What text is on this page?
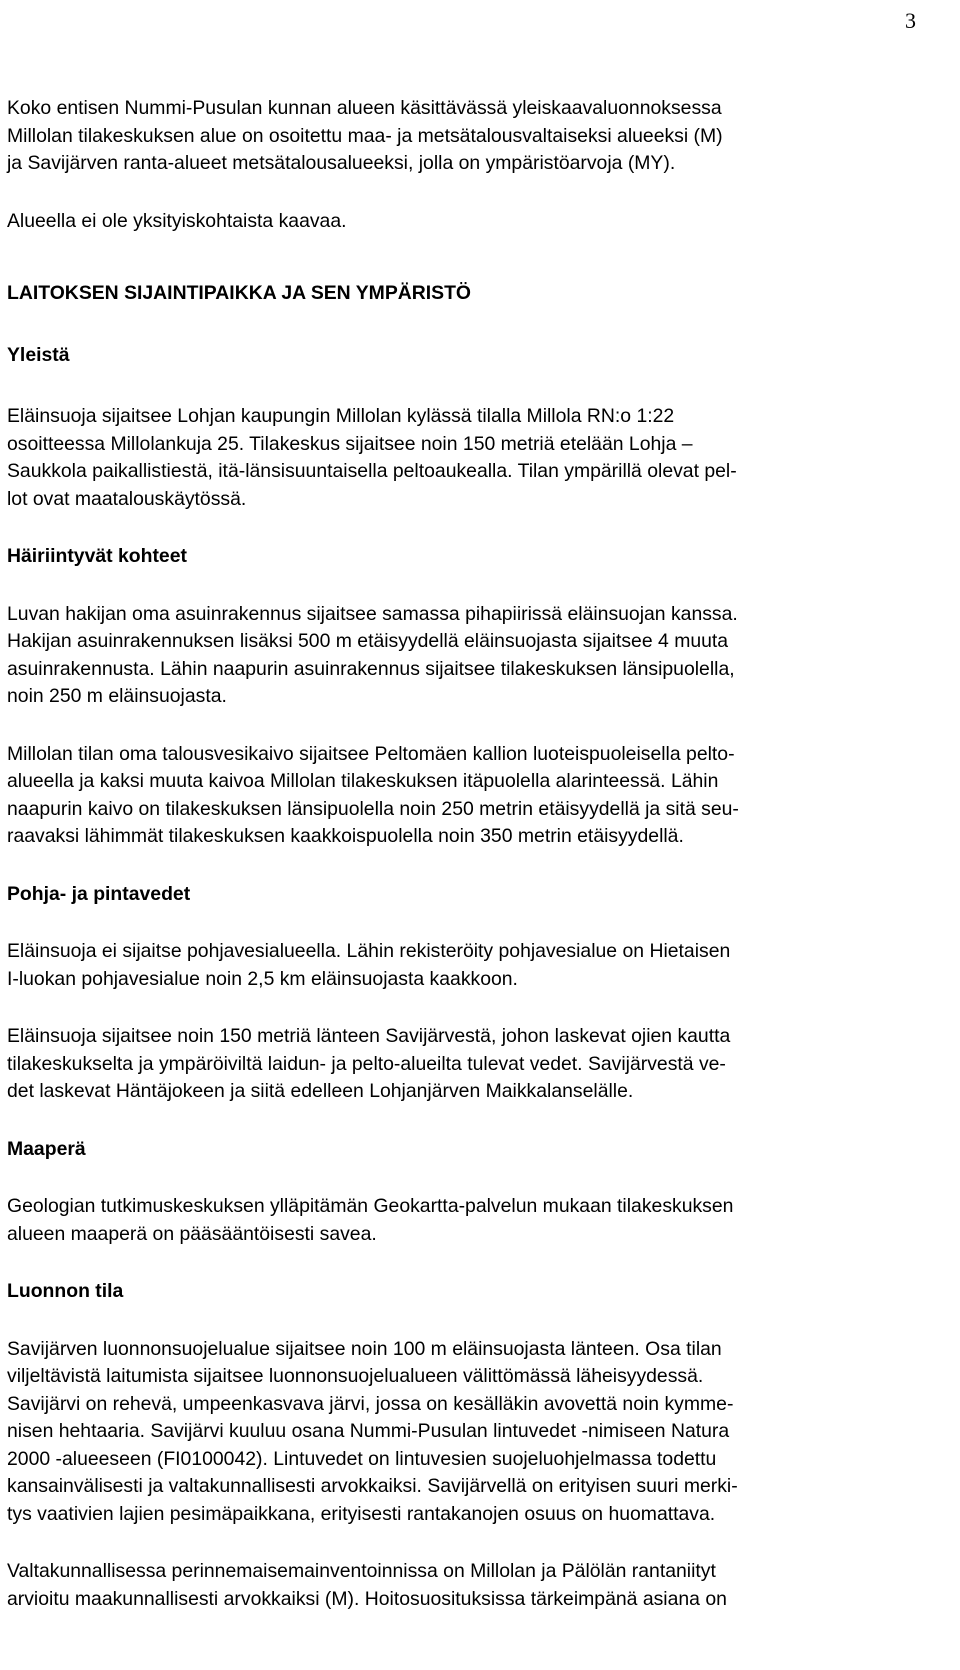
3
Koko entisen Nummi-Pusulan kunnan alueen käsittävässä yleiskaavaluonnoksessa
Millolan tilakeskuksen alue on osoitettu maa- ja metsätalousvaltaiseksi alueeksi (M)
ja Savijärven ranta-alueet metsätalousalueeksi, jolla on ympäristöarvoja (MY).
Alueella ei ole yksityiskohtaista kaavaa.
LAITOKSEN SIJAINTIPAIKKA JA SEN YMPÄRISTÖ
Yleistä
Eläinsuoja sijaitsee Lohjan kaupungin Millolan kylässä tilalla Millola RN:o 1:22
osoitteessa Millolankuja 25. Tilakeskus sijaitsee noin 150 metriä etelään Lohja –
Saukkola paikallistiestä, itä-länsisuuntaisella peltoaukealla. Tilan ympärillä olevat pel-
lot ovat maatalouskäytössä.
Häiriintyvät kohteet
Luvan hakijan oma asuinrakennus sijaitsee samassa pihapiirissä eläinsuojan kanssa.
Hakijan asuinrakennuksen lisäksi 500 m etäisyydellä eläinsuojasta sijaitsee 4 muuta
asuinrakennusta. Lähin naapurin asuinrakennus sijaitsee tilakeskuksen länsipuolella,
noin 250 m eläinsuojasta.
Millolan tilan oma talousvesikaivo sijaitsee Peltomäen kallion luoteispuoleisella pelto-
alueella ja kaksi muuta kaivoa Millolan tilakeskuksen itäpuolella alarinteessä. Lähin
naapurin kaivo on tilakeskuksen länsipuolella noin 250 metrin etäisyydellä ja sitä seu-
raavaksi lähimmät tilakeskuksen kaakkoispuolella noin 350 metrin etäisyydellä.
Pohja- ja pintavedet
Eläinsuoja ei sijaitse pohjavesialueella. Lähin rekisteröity pohjavesialue on Hietaisen
I-luokan pohjavesialue noin 2,5 km eläinsuojasta kaakkoon.
Eläinsuoja sijaitsee noin 150 metriä länteen Savijärvestä, johon laskevat ojien kautta
tilakeskukselta ja ympäröiviltä laidun- ja pelto-alueilta tulevat vedet. Savijärvestä ve-
det laskevat Häntäjokeen ja siitä edelleen Lohjanjärven Maikkalanselälle.
Maaperä
Geologian tutkimuskeskuksen ylläpitämän Geokartta-palvelun mukaan tilakeskuksen
alueen maaperä on pääsääntöisesti savea.
Luonnon tila
Savijärven luonnonsuojelualue sijaitsee noin 100 m eläinsuojasta länteen. Osa tilan
viljeltävistä laitumista sijaitsee luonnonsuojelualueen välittömässä läheisyydessä.
Savijärvi on rehevä, umpeenkasvava järvi, jossa on kesälläkin avovettä noin kymme-
nisen hehtaaria. Savijärvi kuuluu osana Nummi-Pusulan lintuvedet -nimiseen Natura
2000 -alueeseen (FI0100042). Lintuvedet on lintuvesien suojeluohjelmassa todettu
kansainvälisesti ja valtakunnallisesti arvokkaiksi. Savijärvellä on erityisen suuri merki-
tys vaativien lajien pesimäpaikkana, erityisesti rantakanojen osuus on huomattava.
Valtakunnallisessa perinnemaisemainventoinnissa on Millolan ja Pälölän rantaniityt
arvioitu maakunnallisesti arvokkaiksi (M). Hoitosuosituksissa tärkeimpänä asiana on
